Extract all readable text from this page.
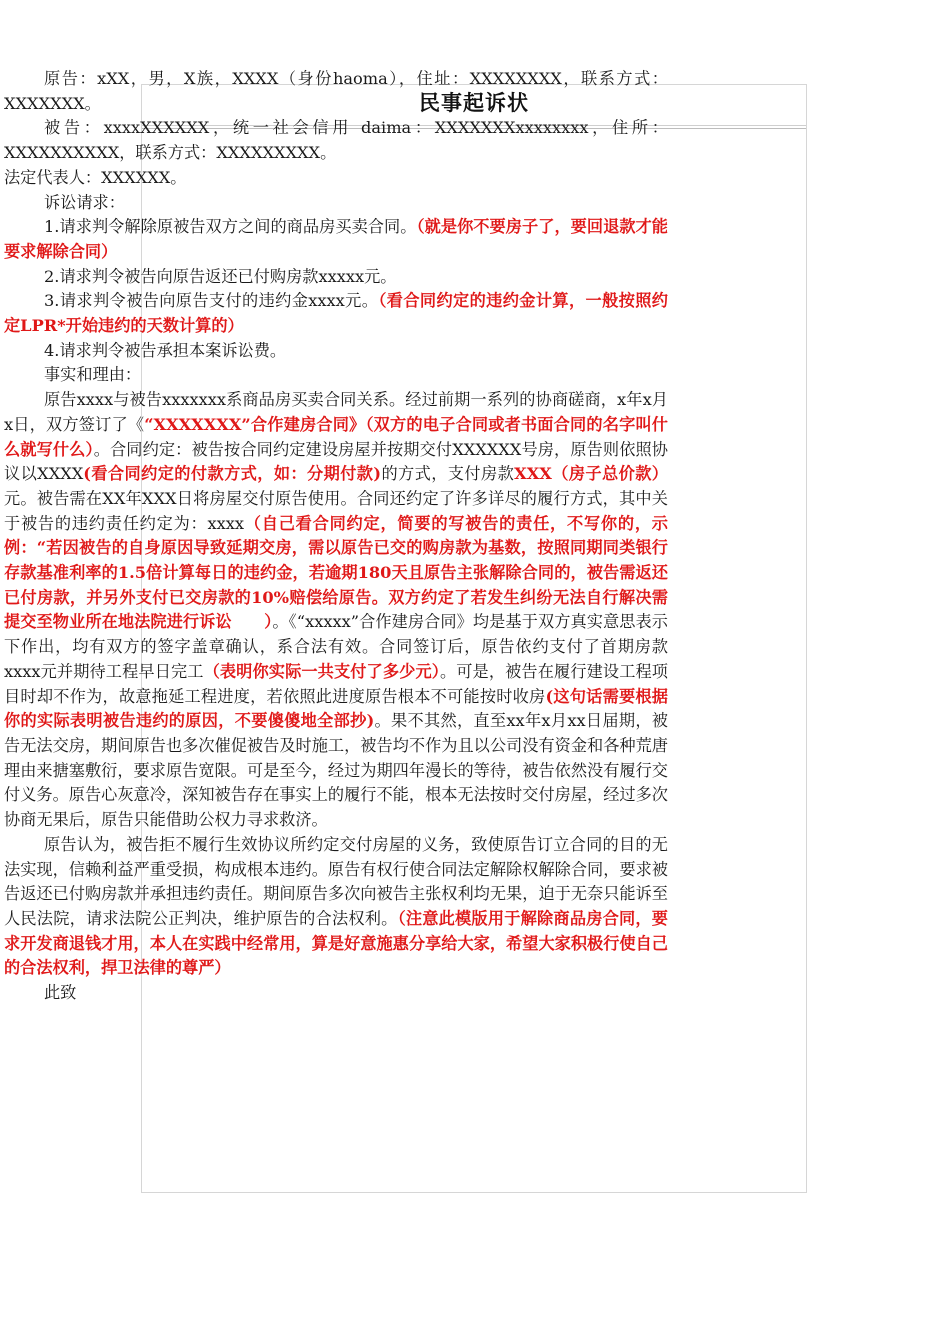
民事起诉状

原告：xXX，男，X族，XXXX（身份haoma），住址：XXXXXXXX，联系方式：XXXXXXX。

被告：xxxxXXXXXX，统一社会信用 daima：XXXXXXXxxxxxxxx，住所：XXXXXXXXXX，联系方式：XXXXXXXXX。

法定代表人：XXXXXX。

诉讼请求：

1.请求判令解除原被告双方之间的商品房买卖合同。（就是你不要房子了，要回退款才能要求解除合同）

2.请求判令被告向原告返还已付购房款xxxxx元。

3.请求判令被告向原告支付的违约金xxxx元。（看合同约定的违约金计算，一般按照约定LPR*开始违约的天数计算的）

4.请求判令被告承担本案诉讼费。

事实和理由：

原告xxxx与被告xxxxxxx系商品房买卖合同关系。经过前期一系列的协商磋商，x年x月x日，双方签订了《“XXXXXXX”合作建房合同》（双方的电子合同或者书面合同的名字叫什么就写什么）。合同约定：被告按合同约定建设房屋并按期交付XXXXXX号房，原告则依照协议以XXXX(看合同约定的付款方式，如：分期付款)的方式，支付房款XXX（房子总价款）元。被告需在XX年XXX日将房屋交付原告使用。合同还约定了许多详尽的履行方式，其中关于被告的违约责任约定为：xxxx（自己看合同约定，简要的写被告的责任，不写你的，示例：“若因被告的自身原因导致延期交房，需以原告已交的购房款为基数，按照同期同类银行存款基准利率的1.5倍计算每日的违约金，若逾期180天且原告主张解除合同的，被告需返还已付房款，并另外支付已交房款的10%赔偿给原告。双方约定了若发生纠纷无法自行解决需提交至物业所在地法院进行诉讼　　）。《“xxxxx”合作建房合同》均是基于双方真实意思表示下作出，均有双方的签字盖章确认，系合法有效。合同签订后，原告依约支付了首期房款xxxx元并期待工程早日完工（表明你实际一共支付了多少元）。可是，被告在履行建设工程项目时却不作为，故意拖延工程进度，若依照此进度原告根本不可能按时收房(这句话需要根据你的实际表明被告违约的原因，不要傻傻地全部抄)。果不其然，直至xx年x月xx日届期，被告无法交房，期间原告也多次催促被告及时施工，被告均不作为且以公司没有资金和各种荒唐理由来搪塞敷衍，要求原告宽限。可是至今，经过为期四年漫长的等待，被告依然没有履行交付义务。原告心灰意冷，深知被告存在事实上的履行不能，根本无法按时交付房屋，经过多次协商无果后，原告只能借助公权力寻求救济。

原告认为，被告拒不履行生效协议所约定交付房屋的义务，致使原告订立合同的目的无法实现，信赖利益严重受损，构成根本违约。原告有权行使合同法定解除权解除合同，要求被告返还已付购房款并承担违约责任。期间原告多次向被告主张权利均无果，迫于无奈只能诉至人民法院，请求法院公正判决，维护原告的合法权利。（注意此模版用于解除商品房合同，要求开发商退钱才用，本人在实践中经常用，算是好意施惠分享给大家，希望大家积极行使自己的合法权利，捍卫法律的尊严）

此致
